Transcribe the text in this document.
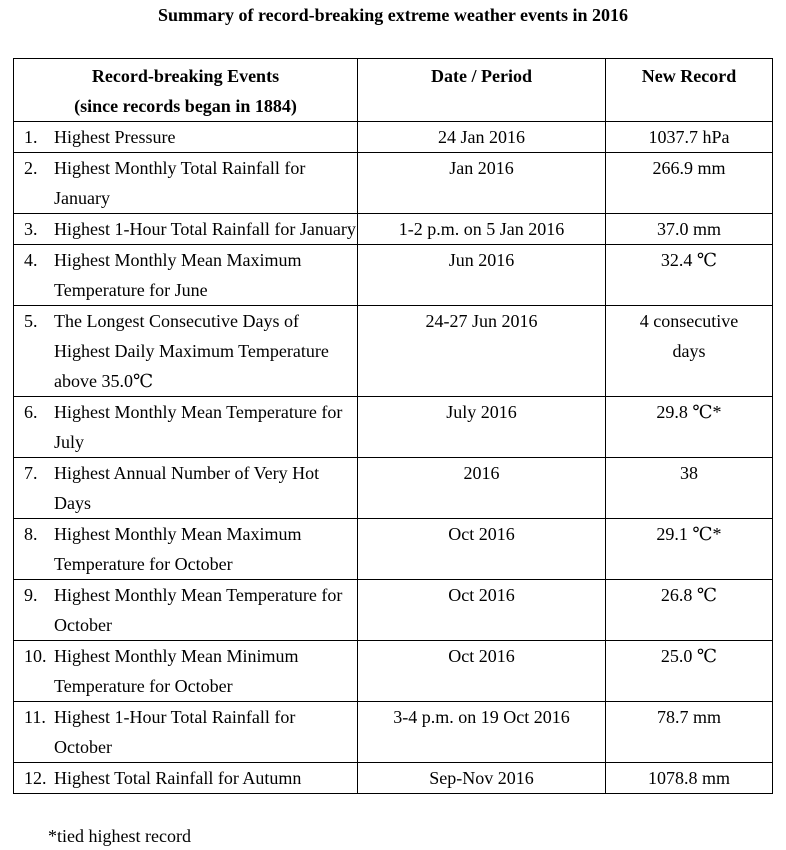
Summary of record-breaking extreme weather events in 2016
Record-breaking Events
(since records began in 1884)	Date / Period	New Record

1. Highest Pressure	24 Jan 2016	1037.7 hPa

2. Highest Monthly Total Rainfall for January	Jan 2016	266.9 mm

3. Highest 1-Hour Total Rainfall for January	1-2 p.m. on 5 Jan 2016	37.0 mm

4. Highest Monthly Mean Maximum Temperature for June	Jun 2016	32.4 ℃

5. The Longest Consecutive Days of Highest Daily Maximum Temperature above 35.0℃	24-27 Jun 2016	4 consecutive days

6. Highest Monthly Mean Temperature for July	July 2016	29.8 ℃*

7. Highest Annual Number of Very Hot Days	2016	38

8. Highest Monthly Mean Maximum Temperature for October	Oct 2016	29.1 ℃*

9. Highest Monthly Mean Temperature for October	Oct 2016	26.8 ℃

10. Highest Monthly Mean Minimum Temperature for October	Oct 2016	25.0 ℃

11. Highest 1-Hour Total Rainfall for October	3-4 p.m. on 19 Oct 2016	78.7 mm

12. Highest Total Rainfall for Autumn	Sep-Nov 2016	1078.8 mm
*tied highest record
